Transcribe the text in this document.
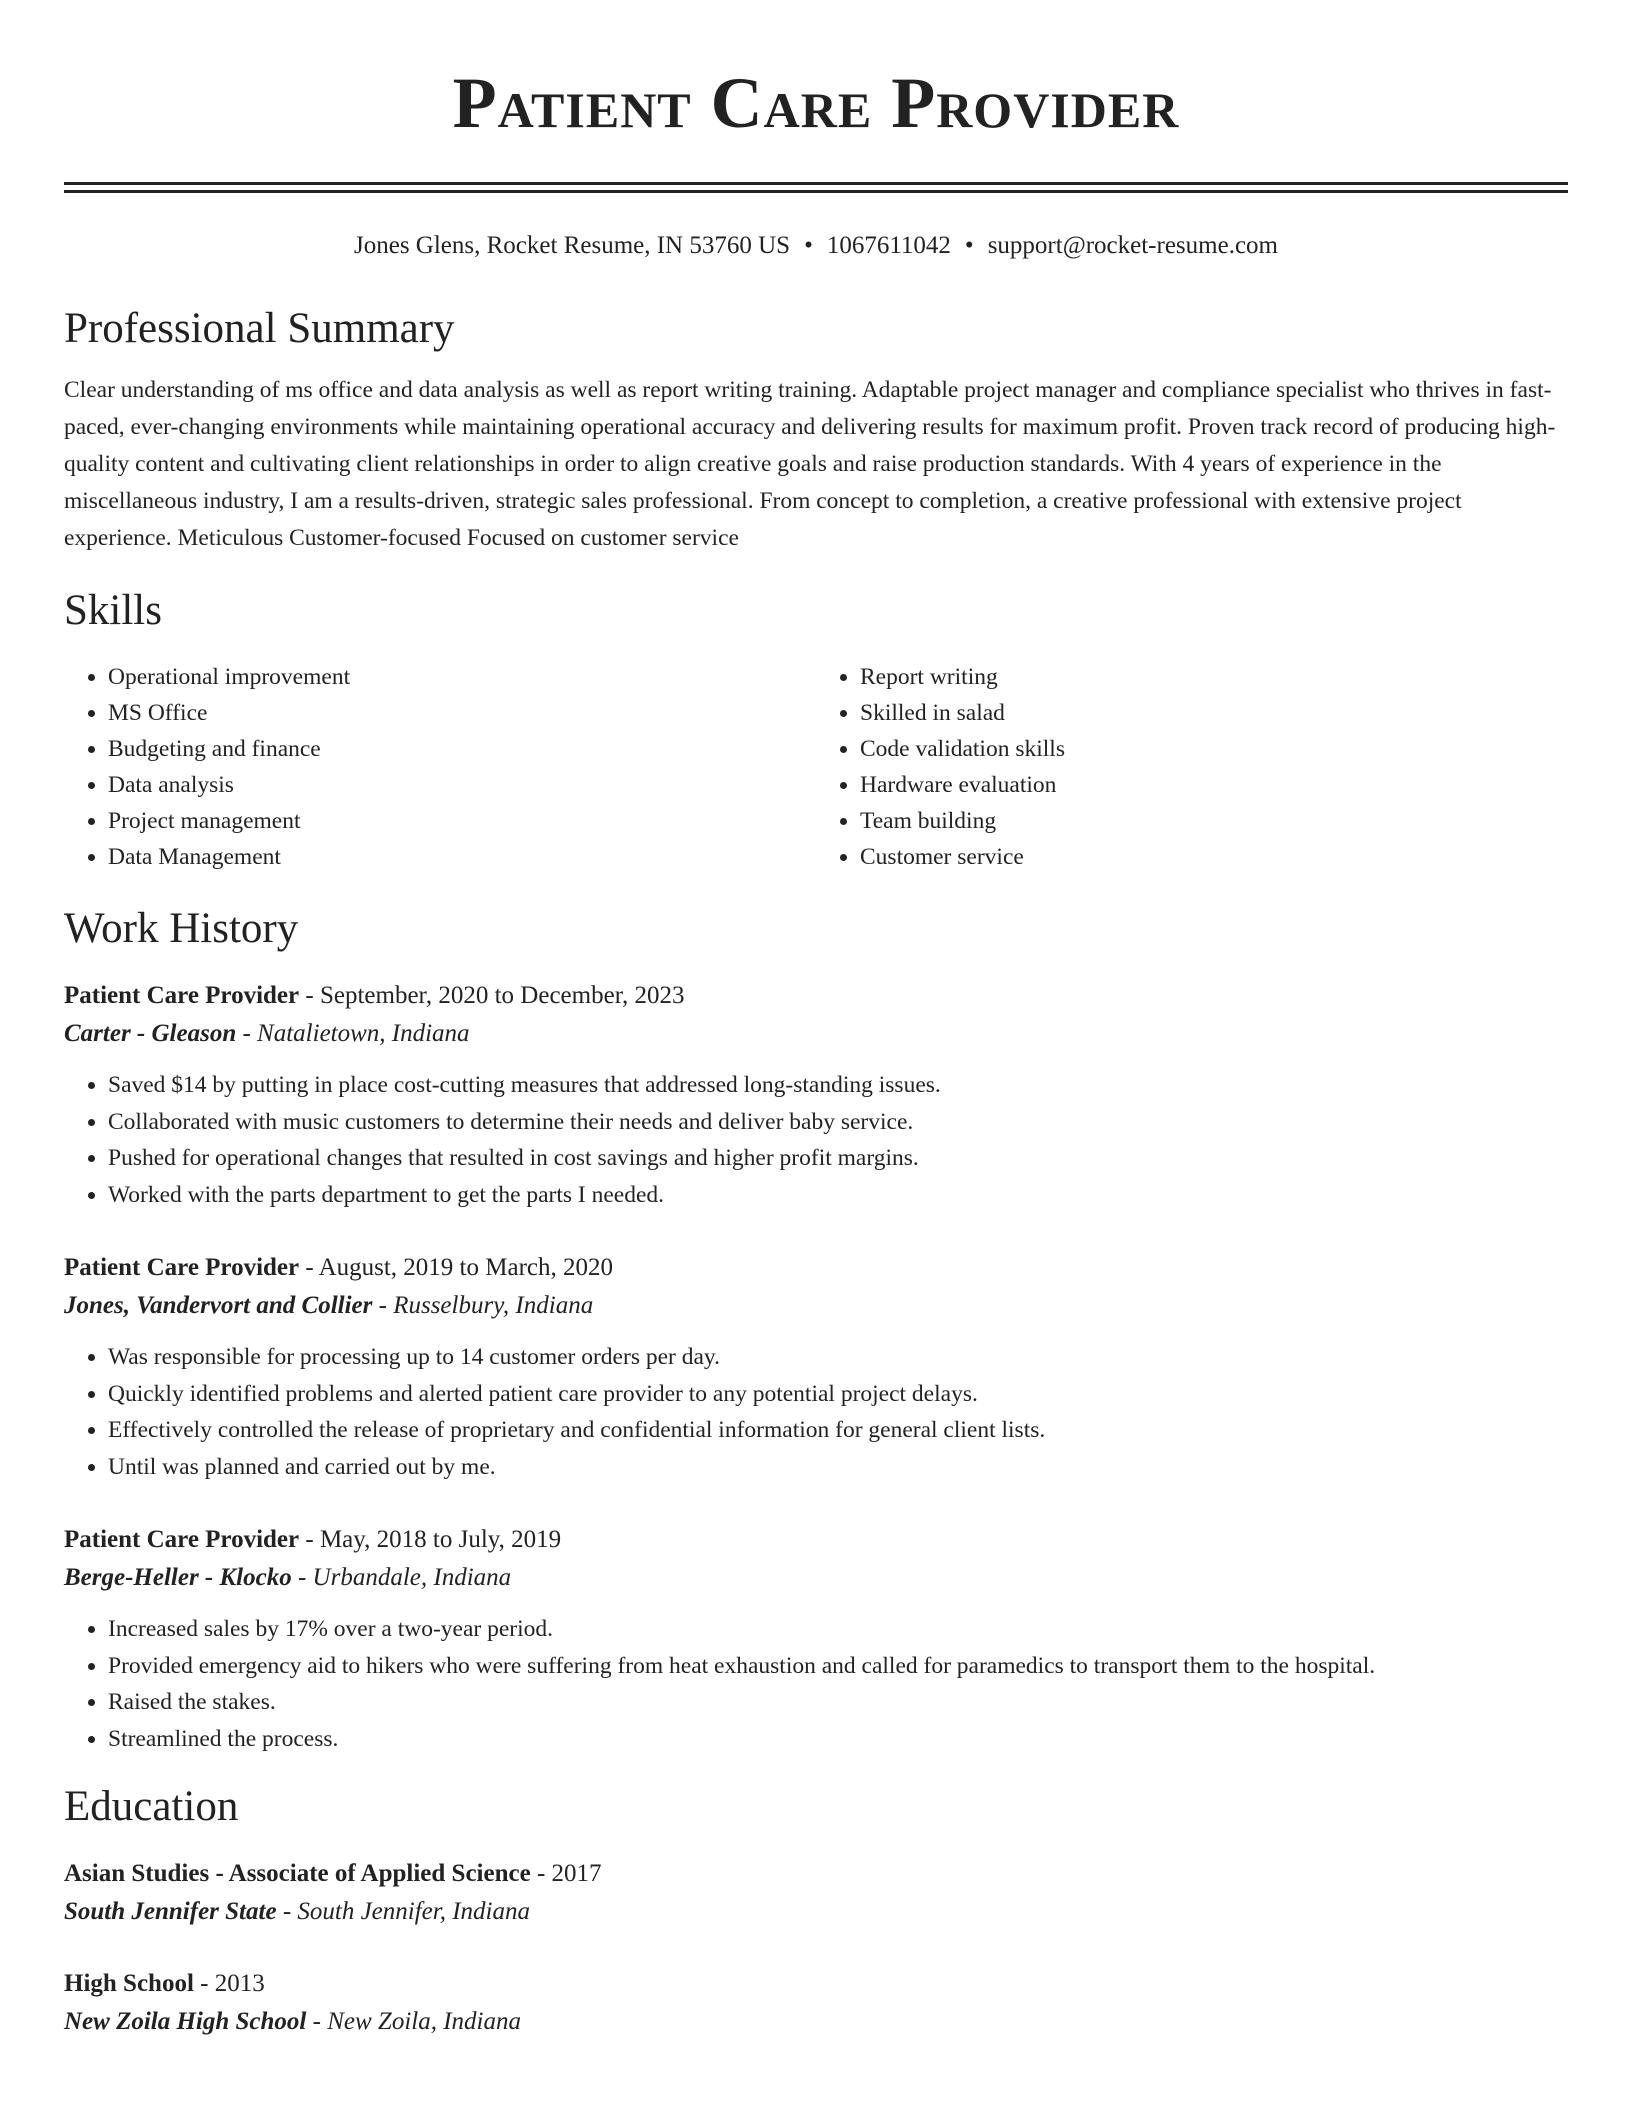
Patient Care Provider
Jones Glens, Rocket Resume, IN 53760 US • 1067611042 • support@rocket-resume.com
Professional Summary

Clear understanding of ms office and data analysis as well as report writing training. Adaptable project manager and compliance specialist who thrives in fast-paced, ever-changing environments while maintaining operational accuracy and delivering results for maximum profit. Proven track record of producing high-quality content and cultivating client relationships in order to align creative goals and raise production standards. With 4 years of experience in the miscellaneous industry, I am a results-driven, strategic sales professional. From concept to completion, a creative professional with extensive project experience. Meticulous Customer-focused Focused on customer service

Skills
• Operational improvement
• MS Office
• Budgeting and finance
• Data analysis
• Project management
• Data Management
• Report writing
• Skilled in salad
• Code validation skills
• Hardware evaluation
• Team building
• Customer service
Work History
Patient Care Provider - September, 2020 to December, 2023
Carter - Gleason - Natalietown, Indiana
• Saved $14 by putting in place cost-cutting measures that addressed long-standing issues.
• Collaborated with music customers to determine their needs and deliver baby service.
• Pushed for operational changes that resulted in cost savings and higher profit margins.
• Worked with the parts department to get the parts I needed.
Patient Care Provider - August, 2019 to March, 2020
Jones, Vandervort and Collier - Russelbury, Indiana
• Was responsible for processing up to 14 customer orders per day.
• Quickly identified problems and alerted patient care provider to any potential project delays.
• Effectively controlled the release of proprietary and confidential information for general client lists.
• Until was planned and carried out by me.
Patient Care Provider - May, 2018 to July, 2019
Berge-Heller - Klocko - Urbandale, Indiana
• Increased sales by 17% over a two-year period.
• Provided emergency aid to hikers who were suffering from heat exhaustion and called for paramedics to transport them to the hospital.
• Raised the stakes.
• Streamlined the process.
Education
Asian Studies - Associate of Applied Science - 2017
South Jennifer State - South Jennifer, Indiana
High School - 2013
New Zoila High School - New Zoila, Indiana
